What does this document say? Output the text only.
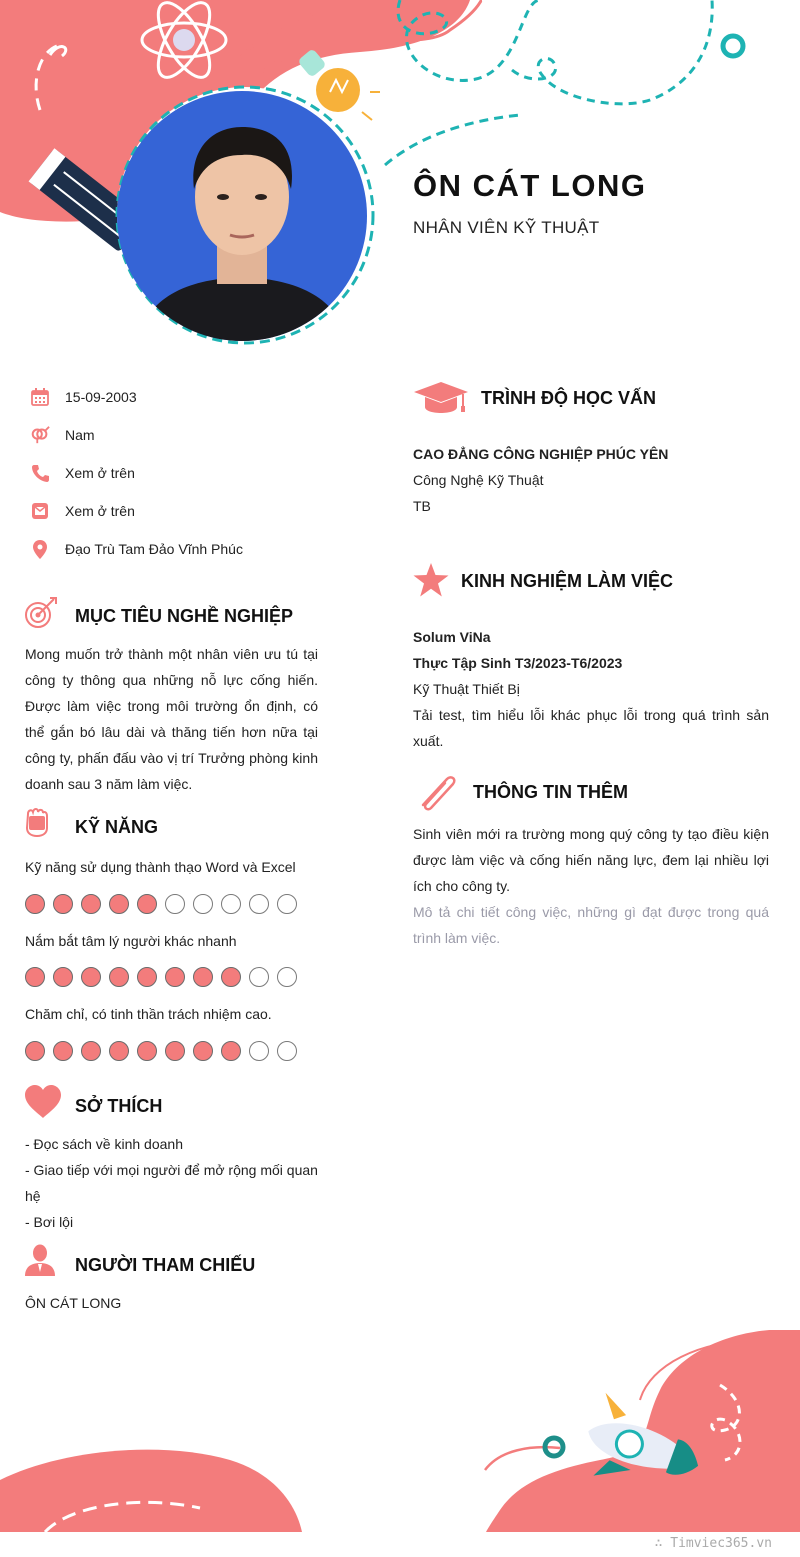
ÔN CÁT LONG
NHÂN VIÊN KỸ THUẬT
15-09-2003
Nam
Xem ở trên
Xem ở trên
Đạo Trù Tam Đảo Vĩnh Phúc
MỤC TIÊU NGHỀ NGHIỆP
Mong muốn trở thành một nhân viên ưu tú tại công ty thông qua những nỗ lực cống hiến. Được làm việc trong môi trường ổn định, có thể gắn bó lâu dài và thăng tiến hơn nữa tại công ty, phấn đấu vào vị trí Trưởng phòng kinh doanh sau 3 năm làm việc.
KỸ NĂNG
Kỹ năng sử dụng thành thạo Word và Excel
Nắm bắt tâm lý người khác nhanh
Chăm chỉ, có tinh thần trách nhiệm cao.
SỞ THÍCH
- Đọc sách về kinh doanh
- Giao tiếp với mọi người để mở rộng mối quan hệ
- Bơi lội
NGƯỜI THAM CHIẾU
ÔN CÁT LONG
TRÌNH ĐỘ HỌC VẤN
CAO ĐẲNG CÔNG NGHIỆP PHÚC YÊN
Công Nghệ Kỹ Thuật
TB
KINH NGHIỆM LÀM VIỆC
Solum ViNa
Thực Tập Sinh T3/2023-T6/2023
Kỹ Thuật Thiết Bị
Tải test, tìm hiểu lỗi khác phục lỗi trong quá trình sản xuất.
THÔNG TIN THÊM
Sinh viên mới ra trường mong quý công ty tạo điều kiện được làm việc và cống hiến năng lực, đem lại nhiều lợi ích cho công ty.
Mô tả chi tiết công việc, những gì đạt được trong quá trình làm việc.
∴ Timviec365.vn
